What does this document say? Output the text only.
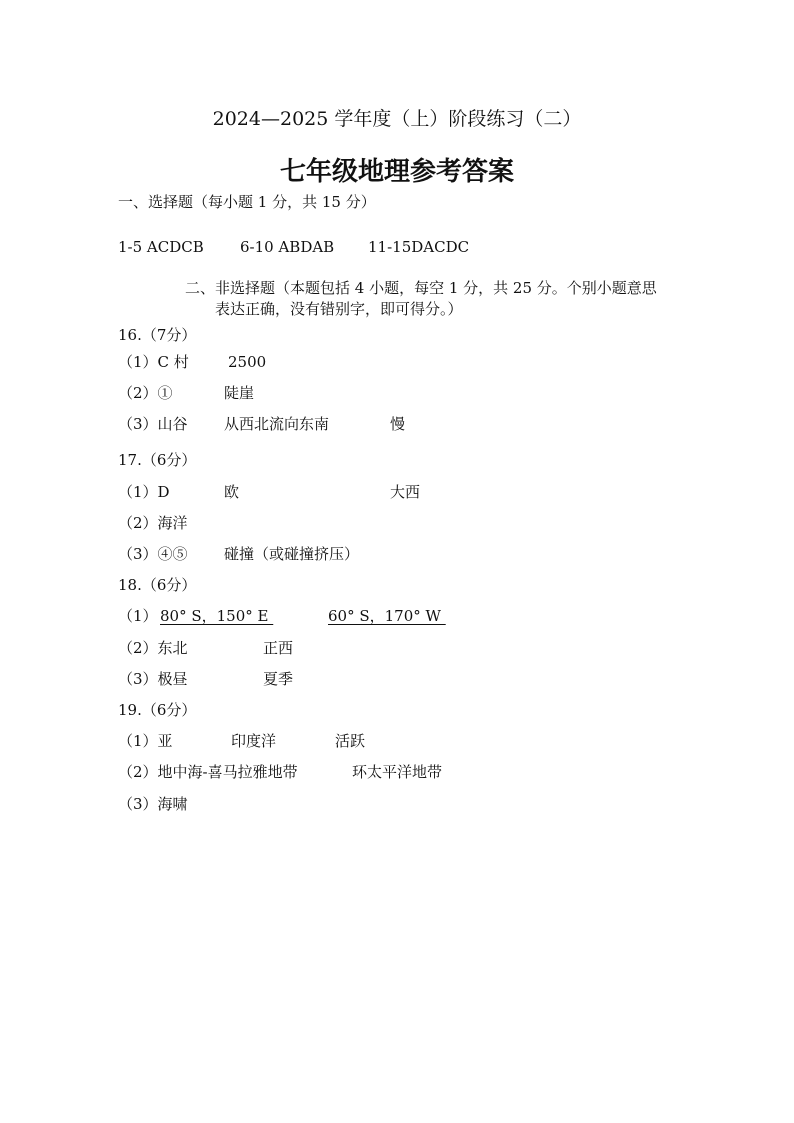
2024—2025 学年度（上）阶段练习（二）
七年级地理参考答案
一、选择题（每小题 1 分，共 15 分）
1-5 ACDCB 6-10 ABDAB 11-15DACDC
二、非选择题（本题包括 4 小题，每空 1 分，共 25 分。个别小题意思
表达正确，没有错别字，即可得分。）
16.（7分）
（1）C 村	2500
（2）①	陡崖
（3）山谷 从西北流向东南	慢
17.（6分）
（1）D	欧	大西
（2）海洋
（3）④⑤ 碰撞（或碰撞挤压）
18.（6分）
（1） 80° S，150° E	60° S，170° W
（2）东北	正西
（3）极昼	夏季
19.（6分）
（1）亚	印度洋	活跃
（2）地中海-喜马拉雅地带	环太平洋地带
（3）海啸
